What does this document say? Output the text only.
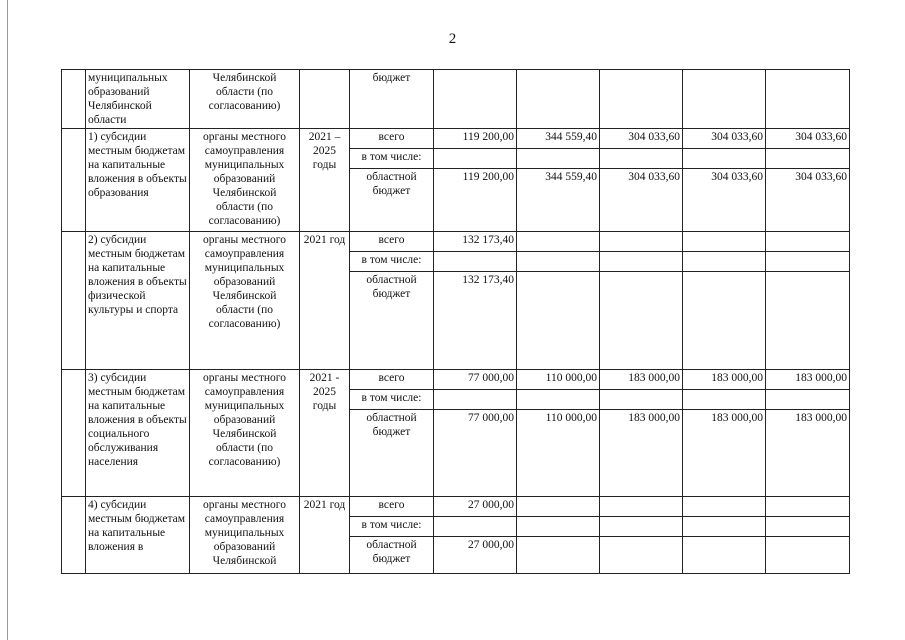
2
	муниципальных образований Челябинской области	Челябинской области (по согласованию)		бюджет					
	1) субсидии местным бюджетам на капитальные вложения в объекты образования	органы местного самоуправления муниципальных образований Челябинской области (по согласованию)	2021 – 2025 годы	всего	119 200,00	344 559,40	304 033,60	304 033,60	304 033,60
				в том числе:					
				областной бюджет	119 200,00	344 559,40	304 033,60	304 033,60	304 033,60
	2) субсидии местным бюджетам на капитальные вложения в объекты физической культуры и спорта	органы местного самоуправления муниципальных образований Челябинской области (по согласованию)	2021 год	всего	132 173,40				
				в том числе:					
				областной бюджет	132 173,40				
	3) субсидии местным бюджетам на капитальные вложения в объекты социального обслуживания населения	органы местного самоуправления муниципальных образований Челябинской области (по согласованию)	2021 - 2025 годы	всего	77 000,00	110 000,00	183 000,00	183 000,00	183 000,00
				в том числе:					
				областной бюджет	77 000,00	110 000,00	183 000,00	183 000,00	183 000,00
	4) субсидии местным бюджетам на капитальные вложения в	органы местного самоуправления муниципальных образований Челябинской	2021 год	всего	27 000,00				
				в том числе:					
				областной бюджет	27 000,00				
